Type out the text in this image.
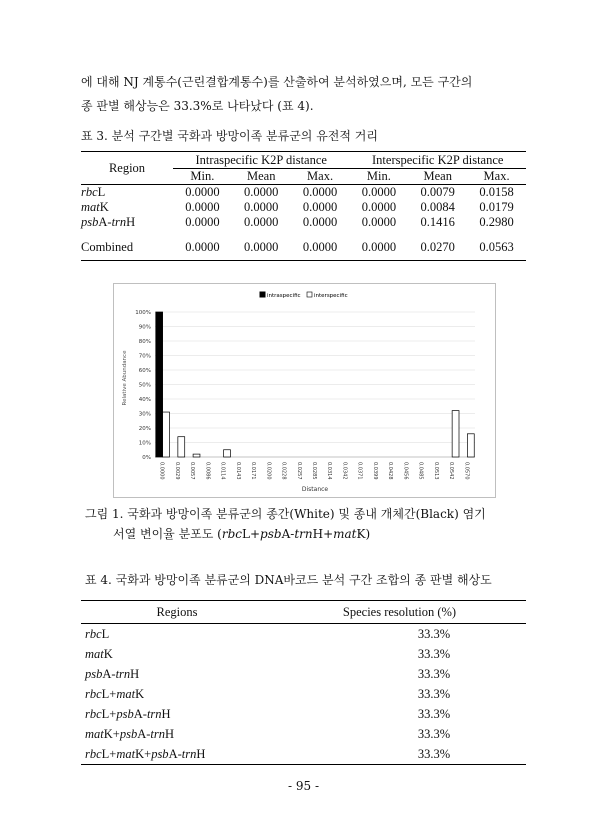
에 대해 NJ 계통수(근린결합계통수)를 산출하여 분석하였으며, 모든 구간의

종 판별 해상능은 33.3%로 나타났다 (표 4).

표 3. 분석 구간별 국화과 방망이족 분류군의 유전적 거리
Region	Intraspecific K2P distance			Interspecific K2P distance		
	Min.	Mean	Max.	Min.	Mean	Max.
rbcL	0.0000	0.0000	0.0000	0.0000	0.0079	0.0158
matK	0.0000	0.0000	0.0000	0.0000	0.0084	0.0179
psbA-trnH	0.0000	0.0000	0.0000	0.0000	0.1416	0.2980

Combined	0.0000	0.0000	0.0000	0.0000	0.0270	0.0563
intraspecific interspecific
0%
10%
20%
30%
40%
50%
60%
70%
80%
90%
100%
0.0000 0.0029 0.0057 0.0086 0.0114 0.0143 0.0171 0.0200 0.0228 0.0257 0.0285 0.0314 0.0342 0.0371 0.0399 0.0428 0.0456 0.0485 0.0513 0.0542 0.0570
Relative Abundance
Distance

그림 1. 국화과 방망이족 분류군의 종간(White) 및 종내 개체간(Black) 염기

서열 변이율 분포도 (rbcL+psbA-trnH+matK)

표 4. 국화과 방망이족 분류군의 DNA바코드 분석 구간 조합의 종 판별 해상도
Regions	Species resolution (%)
rbcL	33.3%
matK	33.3%
psbA-trnH	33.3%
rbcL+matK	33.3%
rbcL+psbA-trnH	33.3%
matK+psbA-trnH	33.3%
rbcL+matK+psbA-trnH	33.3%
- 95 -
